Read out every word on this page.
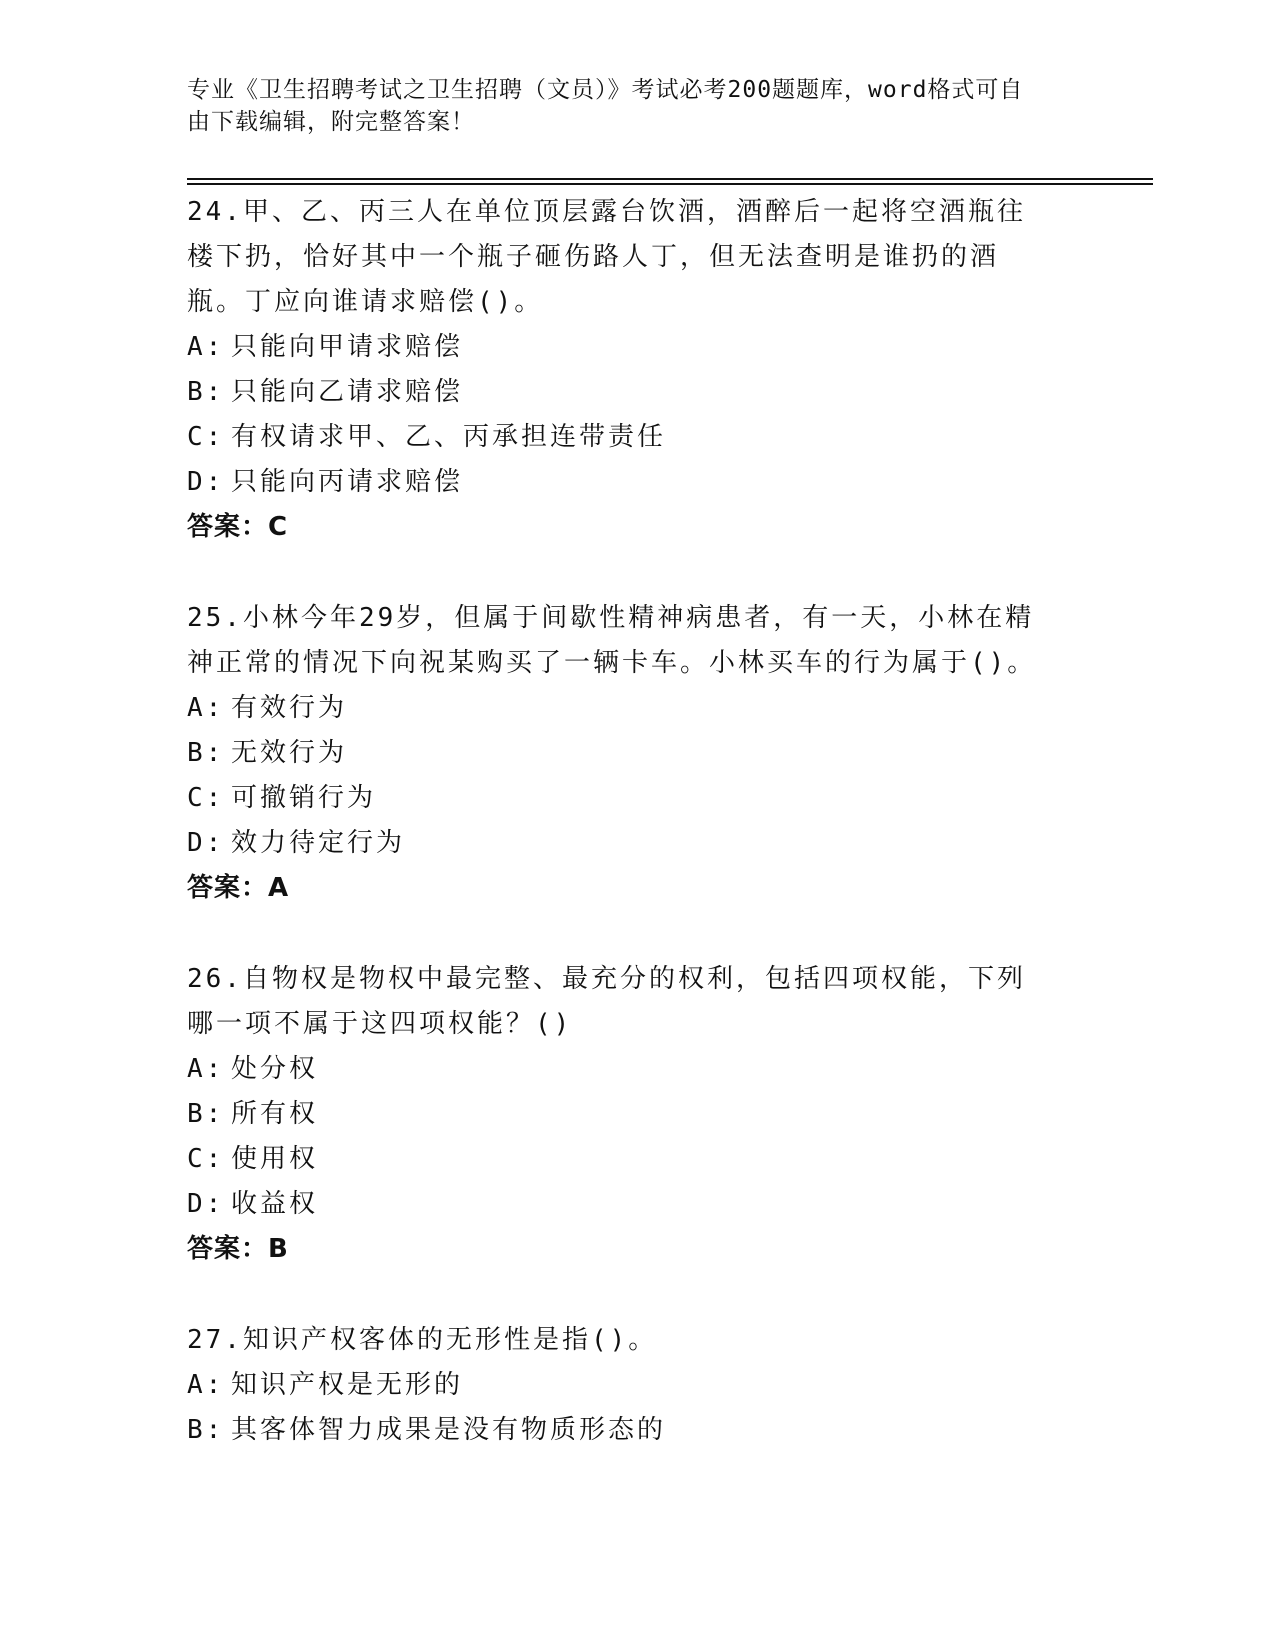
专业《卫生招聘考试之卫生招聘（文员）》考试必考200题题库，word格式可自
由下载编辑，附完整答案！

24.甲、乙、丙三人在单位顶层露台饮酒，酒醉后一起将空酒瓶往楼下扔，恰好其中一个瓶子砸伤路人丁，但无法查明是谁扔的酒瓶。丁应向谁请求赔偿()。

A: 只能向甲请求赔偿

B: 只能向乙请求赔偿

C: 有权请求甲、乙、丙承担连带责任

D: 只能向丙请求赔偿

答案：C

25.小林今年29岁，但属于间歇性精神病患者，有一天，小林在精神正常的情况下向祝某购买了一辆卡车。小林买车的行为属于()。

A: 有效行为

B: 无效行为

C: 可撤销行为

D: 效力待定行为

答案：A

26.自物权是物权中最完整、最充分的权利，包括四项权能，下列哪一项不属于这四项权能？()

A: 处分权

B: 所有权

C: 使用权

D: 收益权

答案：B

27.知识产权客体的无形性是指()。

A: 知识产权是无形的

B: 其客体智力成果是没有物质形态的
